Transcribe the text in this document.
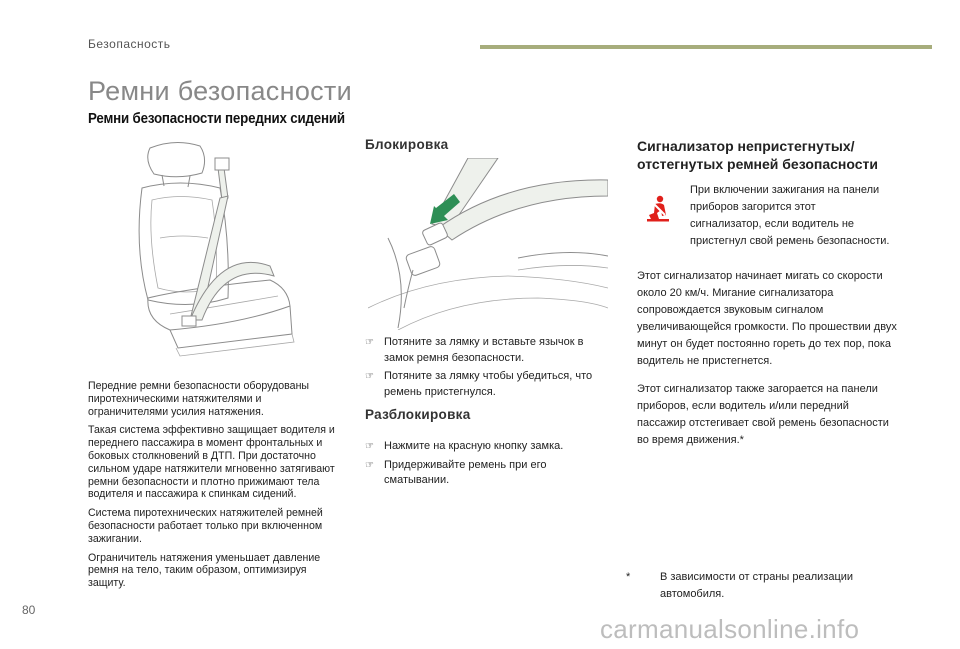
Безопасность
Ремни безопасности
Ремни безопасности передних сидений

Передние ремни безопасности оборудованы пиротехническими натяжителями и ограничителями усилия натяжения.

Такая система эффективно защищает водителя и переднего пассажира в момент фронтальных и боковых столкновений в ДТП. При достаточно сильном ударе натяжители мгновенно затягивают ремни безопасности и плотно прижимают тела водителя и пассажира к спинкам сидений.

Система пиротехнических натяжителей ремней безопасности работает только при включенном зажигании.

Ограничитель натяжения уменьшает давление ремня на тело, таким образом, оптимизируя защиту.

Блокировка
☞ Потяните за лямку и вставьте язычок в замок ремня безопасности.
☞ Потяните за лямку чтобы убедиться, что ремень пристегнулся.
Разблокировка
☞ Нажмите на красную кнопку замка.
☞ Придерживайте ремень при его сматывании.
Сигнализатор непристегнутых/ отстегнутых ремней безопасности
При включении зажигания на панели приборов загорится этот сигнализатор, если водитель не пристегнул свой ремень безопасности.
Этот сигнализатор начинает мигать со скорости около 20 км/ч. Мигание сигнализатора сопровождается звуковым сигналом увеличивающейся громкости. По прошествии двух минут он будет постоянно гореть до тех пор, пока водитель не пристегнется.
Этот сигнализатор также загорается на панели приборов, если водитель и/или передний пассажир отстегивает свой ремень безопасности во время движения.*
*	В зависимости от страны реализации автомобиля.
80
carmanualsonline.info
